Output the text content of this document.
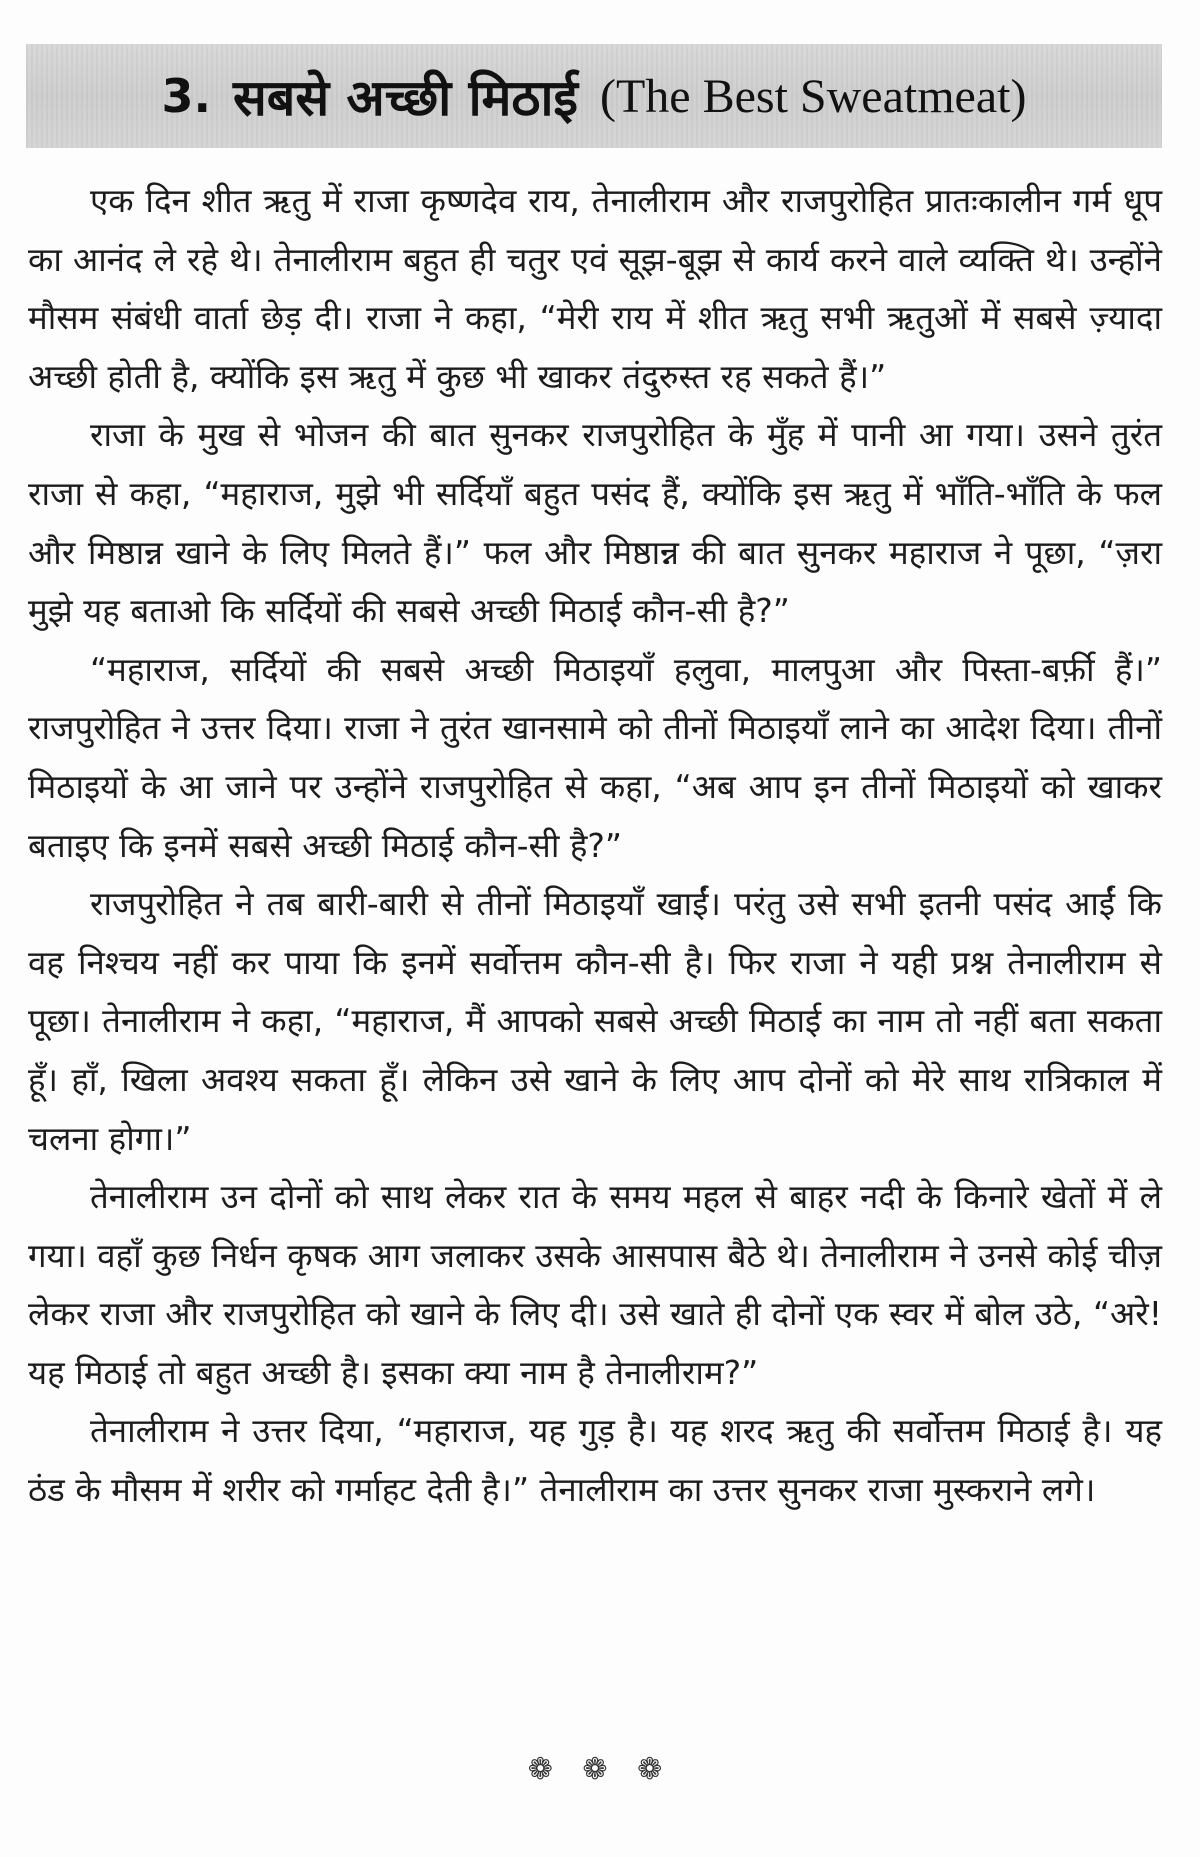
3. सबसे अच्छी मिठाई (The Best Sweatmeat)

एक दिन शीत ऋतु में राजा कृष्णदेव राय, तेनालीराम और राजपुरोहित प्रातःकालीन गर्म धूप का आनंद ले रहे थे। तेनालीराम बहुत ही चतुर एवं सूझ-बूझ से कार्य करने वाले व्यक्ति थे। उन्होंने मौसम संबंधी वार्ता छेड़ दी। राजा ने कहा, “मेरी राय में शीत ऋतु सभी ऋतुओं में सबसे ज़्यादा अच्छी होती है, क्योंकि इस ऋतु में कुछ भी खाकर तंदुरुस्त रह सकते हैं।”

राजा के मुख से भोजन की बात सुनकर राजपुरोहित के मुँह में पानी आ गया। उसने तुरंत राजा से कहा, “महाराज, मुझे भी सर्दियाँ बहुत पसंद हैं, क्योंकि इस ऋतु में भाँति-भाँति के फल और मिष्ठान्न खाने के लिए मिलते हैं।” फल और मिष्ठान्न की बात सुनकर महाराज ने पूछा, “ज़रा मुझे यह बताओ कि सर्दियों की सबसे अच्छी मिठाई कौन-सी है?”

“महाराज, सर्दियों की सबसे अच्छी मिठाइयाँ हलुवा, मालपुआ और पिस्ता-बर्फ़ी हैं।” राजपुरोहित ने उत्तर दिया। राजा ने तुरंत खानसामे को तीनों मिठाइयाँ लाने का आदेश दिया। तीनों मिठाइयों के आ जाने पर उन्होंने राजपुरोहित से कहा, “अब आप इन तीनों मिठाइयों को खाकर बताइए कि इनमें सबसे अच्छी मिठाई कौन-सी है?”

राजपुरोहित ने तब बारी-बारी से तीनों मिठाइयाँ खाईं। परंतु उसे सभी इतनी पसंद आईं कि वह निश्चय नहीं कर पाया कि इनमें सर्वोत्तम कौन-सी है। फिर राजा ने यही प्रश्न तेनालीराम से पूछा। तेनालीराम ने कहा, “महाराज, मैं आपको सबसे अच्छी मिठाई का नाम तो नहीं बता सकता हूँ। हाँ, खिला अवश्य सकता हूँ। लेकिन उसे खाने के लिए आप दोनों को मेरे साथ रात्रिकाल में चलना होगा।”

तेनालीराम उन दोनों को साथ लेकर रात के समय महल से बाहर नदी के किनारे खेतों में ले गया। वहाँ कुछ निर्धन कृषक आग जलाकर उसके आसपास बैठे थे। तेनालीराम ने उनसे कोई चीज़ लेकर राजा और राजपुरोहित को खाने के लिए दी। उसे खाते ही दोनों एक स्वर में बोल उठे, “अरे! यह मिठाई तो बहुत अच्छी है। इसका क्या नाम है तेनालीराम?”

तेनालीराम ने उत्तर दिया, “महाराज, यह गुड़ है। यह शरद ऋतु की सर्वोत्तम मिठाई है। यह ठंड के मौसम में शरीर को गर्माहट देती है।” तेनालीराम का उत्तर सुनकर राजा मुस्कराने लगे।

❁ ❁ ❁
